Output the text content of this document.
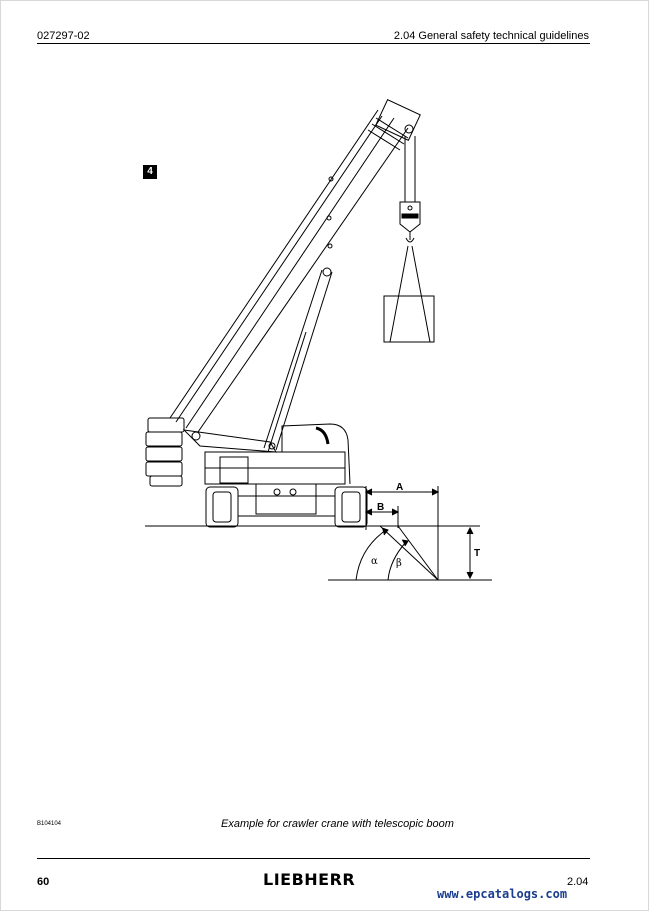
027297-02	2.04 General safety technical guidelines
4
A
B
T
α β
B104104	Example for crawler crane with telescopic boom
60	LIEBHERR	2.04
www.epcatalogs.com
